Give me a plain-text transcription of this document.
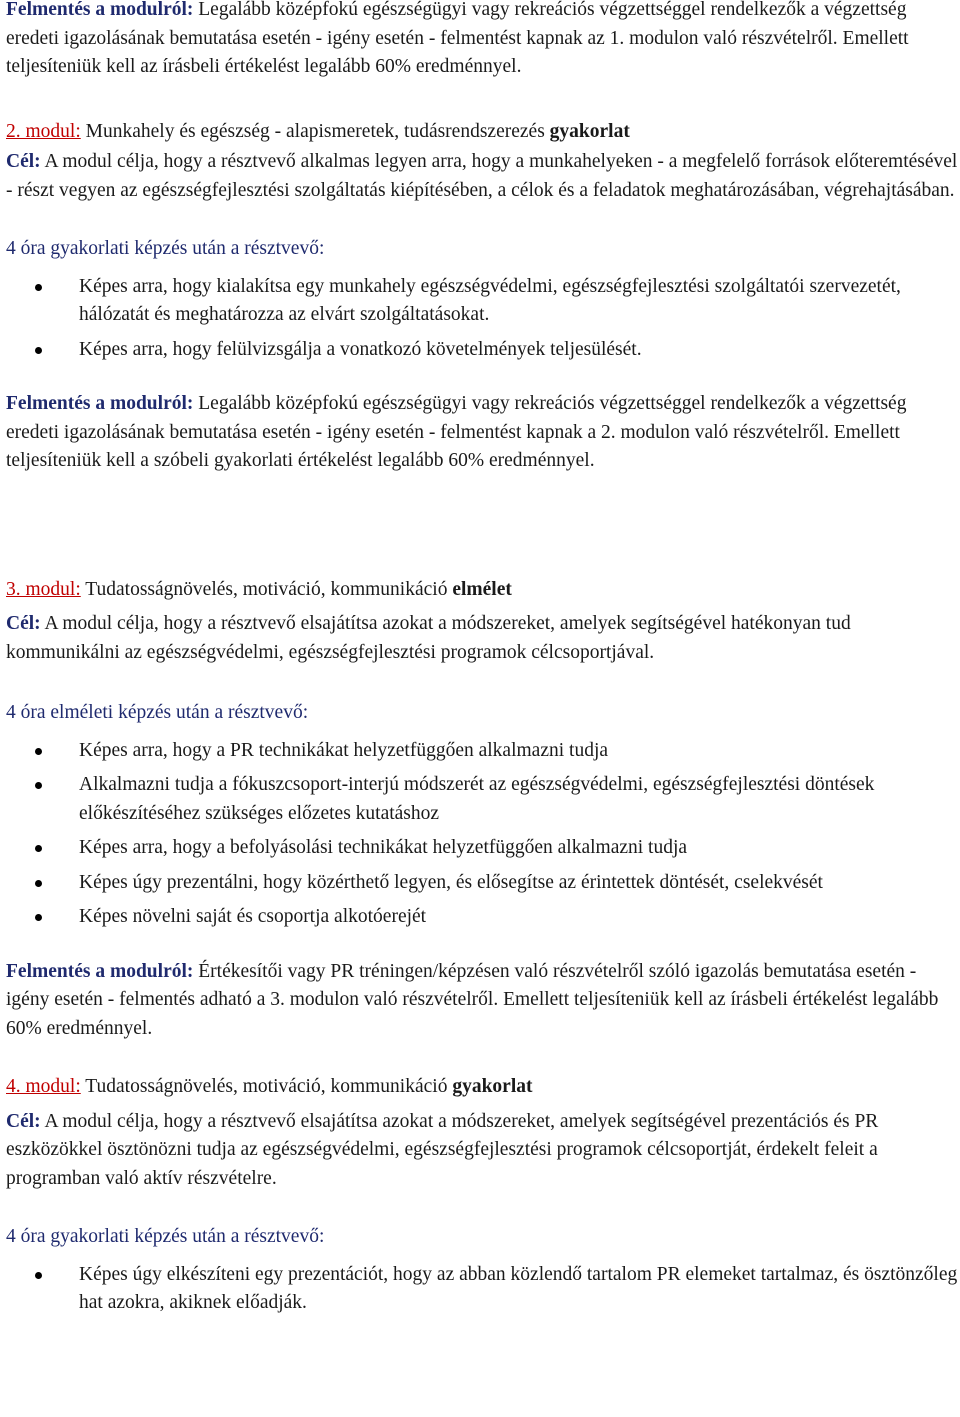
Felmentés a modulról: Legalább középfokú egészségügyi vagy rekreációs végzettséggel rendelkezők a végzettség eredeti igazolásának bemutatása esetén - igény esetén - felmentést kapnak az 1. modulon való részvételről. Emellett teljesíteniük kell az írásbeli értékelést legalább 60% eredménnyel.

2. modul: Munkahely és egészség - alapismeretek, tudásrendszerezés gyakorlat

Cél: A modul célja, hogy a résztvevő alkalmas legyen arra, hogy a munkahelyeken - a megfelelő források előteremtésével - részt vegyen az egészségfejlesztési szolgáltatás kiépítésében, a célok és a feladatok meghatározásában, végrehajtásában.

4 óra gyakorlati képzés után a résztvevő:

Képes arra, hogy kialakítsa egy munkahely egészségvédelmi, egészségfejlesztési szolgáltatói szervezetét, hálózatát és meghatározza az elvárt szolgáltatásokat.
Képes arra, hogy felülvizsgálja a vonatkozó követelmények teljesülését.

Felmentés a modulról: Legalább középfokú egészségügyi vagy rekreációs végzettséggel rendelkezők a végzettség eredeti igazolásának bemutatása esetén - igény esetén - felmentést kapnak a 2. modulon való részvételről. Emellett teljesíteniük kell a szóbeli gyakorlati értékelést legalább 60% eredménnyel.

3. modul: Tudatosságnövelés, motiváció, kommunikáció elmélet

Cél: A modul célja, hogy a résztvevő elsajátítsa azokat a módszereket, amelyek segítségével hatékonyan tud kommunikálni az egészségvédelmi, egészségfejlesztési programok célcsoportjával.

4 óra elméleti képzés után a résztvevő:

Képes arra, hogy a PR technikákat helyzetfüggően alkalmazni tudja
Alkalmazni tudja a fókuszcsoport-interjú módszerét az egészségvédelmi, egészségfejlesztési döntések előkészítéséhez szükséges előzetes kutatáshoz
Képes arra, hogy a befolyásolási technikákat helyzetfüggően alkalmazni tudja
Képes úgy prezentálni, hogy közérthető legyen, és elősegítse az érintettek döntését, cselekvését
Képes növelni saját és csoportja alkotóerejét

Felmentés a modulról: Értékesítői vagy PR tréningen/képzésen való részvételről szóló igazolás bemutatása esetén - igény esetén - felmentés adható a 3. modulon való részvételről. Emellett teljesíteniük kell az írásbeli értékelést legalább 60% eredménnyel.

4. modul: Tudatosságnövelés, motiváció, kommunikáció gyakorlat

Cél: A modul célja, hogy a résztvevő elsajátítsa azokat a módszereket, amelyek segítségével prezentációs és PR eszközökkel ösztönözni tudja az egészségvédelmi, egészségfejlesztési programok célcsoportját, érdekelt feleit a programban való aktív részvételre.

4 óra gyakorlati képzés után a résztvevő:

Képes úgy elkészíteni egy prezentációt, hogy az abban közlendő tartalom PR elemeket tartalmaz, és ösztönzőleg hat azokra, akiknek előadják.
